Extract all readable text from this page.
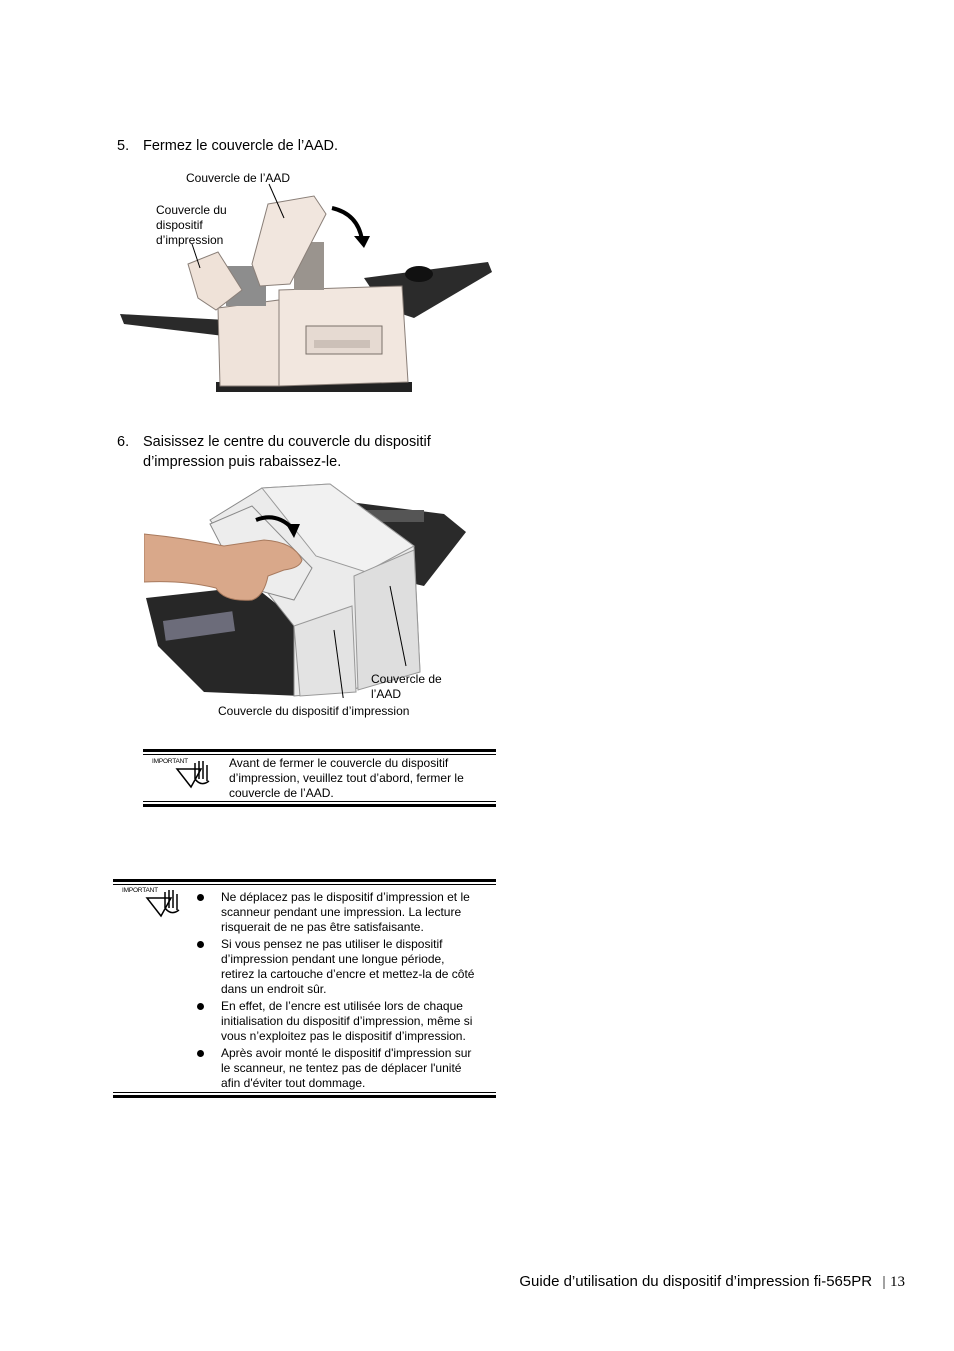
5. Fermez le couvercle de l’AAD.
Couvercle de l’AAD
Couvercle du
dispositif
d’impression
6. Saisissez le centre du couvercle du dispositif
d’impression puis rabaissez-le.
Couvercle de
l’AAD
Couvercle du dispositif d’impression
IMPORTANT	Avant de fermer le couvercle du dispositif
d’impression, veuillez tout d’abord, fermer le
couvercle de l’AAD.
IMPORTANT	Ne déplacez pas le dispositif d’impression et le
scanneur pendant une impression. La lecture
risquerait de ne pas être satisfaisante.
Si vous pensez ne pas utiliser le dispositif
d’impression pendant une longue période,
retirez la cartouche d’encre et mettez-la de côté
dans un endroit sûr.
En effet, de l’encre est utilisée lors de chaque
initialisation du dispositif d’impression, même si
vous n’exploitez pas le dispositif d’impression.
Après avoir monté le dispositif d'impression sur
le scanneur, ne tentez pas de déplacer l'unité
afin d'éviter tout dommage.
Guide d’utilisation du dispositif d’impression fi-565PR | 13
